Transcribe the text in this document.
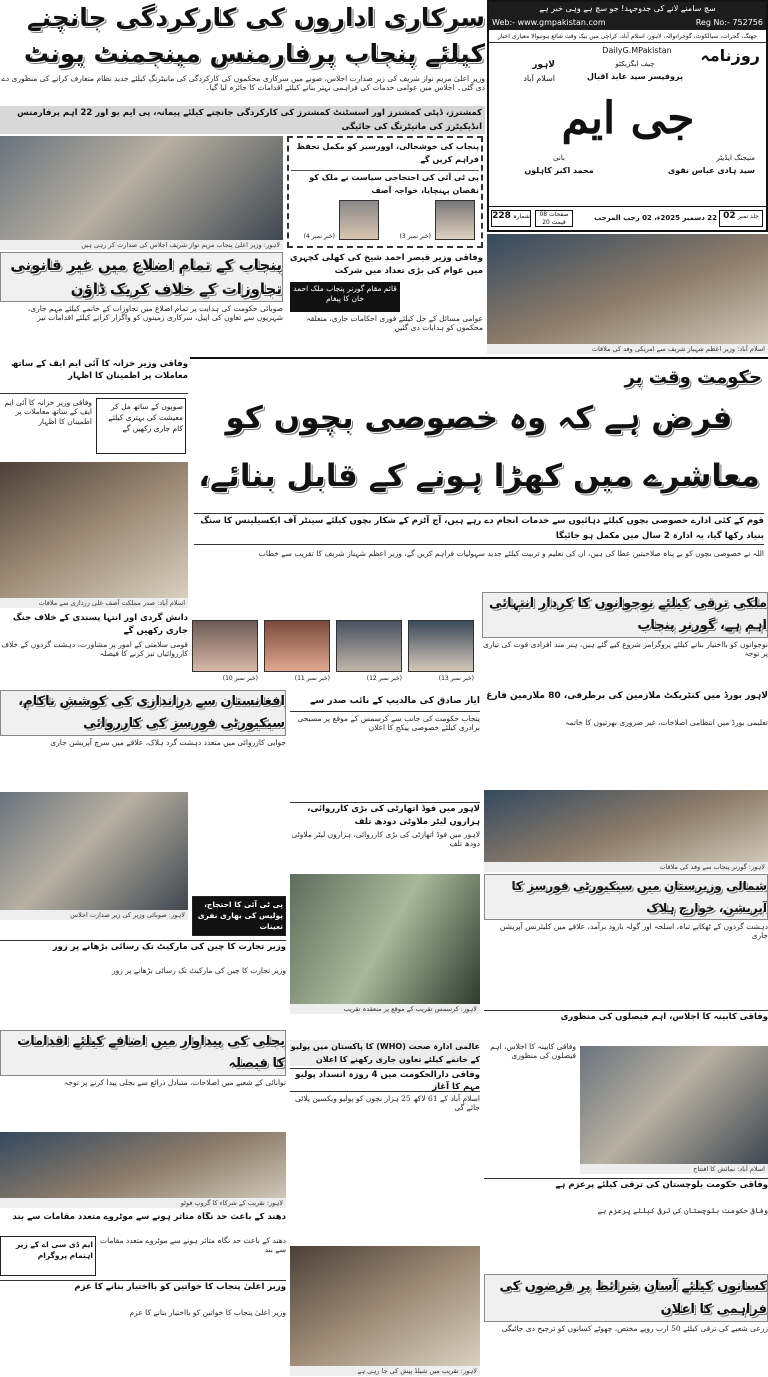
سچ سامنے لانے کی جدوجہد! جو سچ ہے وہی خبر ہے
Web:- www.gmpakistan.com	Reg No:- 752756
جھنگ، گجرات، سیالکوٹ، گوجرانوالہ، لاہور، اسلام آباد، کراچی میں بیک وقت شائع ہونیوالا معیاری اخبار
روزنامہ
DailyG.MPakistan
لاہور
اسلام آباد
چیف ایگزیکٹو
پروفیسر سید عابد اقبال
جی ایم
منیجنگ ایڈیٹر
سید ہادی عباس نقوی
بانی
محمد اکبر کاہلوں
شمارہ 228	صفحات 08
قیمت 20
22 دسمبر 2025ء، 02 رجب المرجب	02 جلد نمبر
سرکاری اداروں کی کارکردگی جانچنے کیلئے پنجاب پرفارمنس مینجمنٹ یونٹ
وزیر اعلیٰ مریم نواز شریف کی زیر صدارت اجلاس، صوبے میں سرکاری محکموں کی کارکردگی کی مانیٹرنگ کیلئے جدید نظام متعارف کرانے کی منظوری دے دی گئی۔ اجلاس میں عوامی خدمات کی فراہمی بہتر بنانے کیلئے اقدامات کا جائزہ لیا گیا۔
کمشنرز، ڈپٹی کمشنرز اور اسسٹنٹ کمشنرز کی کارکردگی جانچنے کیلئے پیمانہ، پی ایم یو اور 22 اہم پرفارمنس انڈیکیٹرز کی مانیٹرنگ کی جائیگی
لاہور: وزیر اعلیٰ پنجاب مریم نواز شریف اجلاس کی صدارت کر رہی ہیں
پنجاب کی خوشحالی، اوورسیز کو مکمل تحفظ فراہم کریں گے
پی ٹی آئی کی احتجاجی سیاست نے ملک کو نقصان پہنچایا، خواجہ آصف
(خبر نمبر 4)	(خبر نمبر 3)
اسلام آباد: وزیر اعظم شہباز شریف سے امریکی وفد کی ملاقات
پنجاب کے تمام اضلاع میں غیر قانونی تجاوزات کے خلاف کریک ڈاؤن
صوبائی حکومت کی ہدایت پر تمام اضلاع میں تجاوزات کے خاتمے کیلئے مہم جاری، شہریوں سے تعاون کی اپیل، سرکاری زمینوں کو واگزار کرانے کیلئے اقدامات تیز
وفاقی وزیر قیصر احمد شیخ کی کھلی کچہری میں عوام کی بڑی تعداد میں شرکت
قائم مقام گورنر پنجاب ملک احمد خان کا پیغام
عوامی مسائل کے حل کیلئے فوری احکامات جاری، متعلقہ محکموں کو ہدایات دی گئیں
حکومت وقت پر
فرض ہے کہ وہ خصوصی بچوں کو معاشرے میں کھڑا ہونے کے قابل بنائے،
قوم کے کئی ادارے خصوصی بچوں کیلئے دہائیوں سے خدمات انجام دے رہے ہیں، آج آٹزم کے شکار بچوں کیلئے سینٹر آف ایکسیلینس کا سنگ بنیاد رکھا گیا، یہ ادارہ 2 سال میں مکمل ہو جائیگا
اللہ نے خصوصی بچوں کو بے پناہ صلاحیتیں عطا کی ہیں، ان کی تعلیم و تربیت کیلئے جدید سہولیات فراہم کریں گے، وزیر اعظم شہباز شریف کا تقریب سے خطاب
وفاقی وزیر خزانہ کا آئی ایم ایف کے ساتھ معاملات پر اطمینان کا اظہار
صوبوں کے ساتھ مل کر معیشت کی بہتری کیلئے کام جاری رکھیں گے
وفاقی وزیر خزانہ کا آئی ایم ایف کے ساتھ معاملات پر اطمینان کا اظہار
اسلام آباد: صدر مملکت آصف علی زرداری سے ملاقات
دانش گردی اور انتہا پسندی کے خلاف جنگ جاری رکھیں گے
قومی سلامتی کے امور پر مشاورت، دہشت گردوں کے خلاف کارروائیاں تیز کرنے کا فیصلہ
(خبر نمبر 10)	(خبر نمبر 11)	(خبر نمبر 12)	(خبر نمبر 13)
ملکی ترقی کیلئے نوجوانوں کا کردار انتہائی اہم ہے، گورنر پنجاب
نوجوانوں کو بااختیار بنانے کیلئے پروگرامز شروع کیے گئے ہیں، ہنر مند افرادی قوت کی تیاری پر توجہ
افغانستان سے دراندازی کی کوشش ناکام، سیکیورٹی فورسز کی کارروائی
جوابی کارروائی میں متعدد دہشت گرد ہلاک، علاقے میں سرچ آپریشن جاری
لاہور: صوبائی وزیر کی زیر صدارت اجلاس
پی ٹی آئی کا احتجاج، پولیس کی بھاری نفری تعینات
وزیر تجارت کا چین کی مارکیٹ تک رسائی بڑھانے پر زور
وزیر تجارت کا چین کی مارکیٹ تک رسائی بڑھانے پر زور
ایاز صادق کی مالدیپ کے نائب صدر سے
پنجاب حکومت کی جانب سے کرسمس کے موقع پر مسیحی برادری کیلئے خصوصی پیکج کا اعلان
لاہور میں فوڈ اتھارٹی کی بڑی کارروائی، ہزاروں لیٹر ملاوٹی دودھ تلف
لاہور میں فوڈ اتھارٹی کی بڑی کارروائی، ہزاروں لیٹر ملاوٹی دودھ تلف
لاہور: کرسمس تقریب کے موقع پر منعقدہ تقریب
عالمی ادارہ صحت (WHO) کا پاکستان میں پولیو کے خاتمے کیلئے تعاون جاری رکھنے کا اعلان
وفاقی دارالحکومت میں 4 روزہ انسداد پولیو مہم کا آغاز
اسلام آباد کے 61 لاکھ 25 ہزار بچوں کو پولیو ویکسین پلائی جائے گی
لاہور: تقریب میں شیلڈ پیش کی جا رہی ہے
لاہور بورڈ میں کنٹریکٹ ملازمین کی برطرفی، 80 ملازمین فارغ
تعلیمی بورڈ میں انتظامی اصلاحات، غیر ضروری بھرتیوں کا خاتمہ
لاہور: گورنر پنجاب سے وفد کی ملاقات
شمالی وزیرستان میں سیکیورٹی فورسز کا آپریشن، خوارج ہلاک
دہشت گردوں کے ٹھکانے تباہ، اسلحہ اور گولہ بارود برآمد، علاقے میں کلیئرنس آپریشن جاری
وفاقی کابینہ کا اجلاس، اہم فیصلوں کی منظوری
وفاقی کابینہ کا اجلاس، اہم فیصلوں کی منظوری
اسلام آباد: نمائش کا افتتاح
وفاقی حکومت بلوچستان کی ترقی کیلئے پرعزم ہے
وفاقی حکومت بلوچستان کی ترقی کیلئے پرعزم ہے
بجلی کی پیداوار میں اضافے کیلئے اقدامات کا فیصلہ
توانائی کے شعبے میں اصلاحات، متبادل ذرائع سے بجلی پیدا کرنے پر توجہ
لاہور: تقریب کے شرکاء کا گروپ فوٹو
دھند کے باعث حد نگاہ متاثر ہونے سے موٹروے متعدد مقامات سے بند
دھند کے باعث حد نگاہ متاثر ہونے سے موٹروے متعدد مقامات سے بند
ایم ڈی سی اے کے زیر اہتمام پروگرام
وزیر اعلیٰ پنجاب کا خواتین کو بااختیار بنانے کا عزم
وزیر اعلیٰ پنجاب کا خواتین کو بااختیار بنانے کا عزم
کسانوں کیلئے آسان شرائط پر قرضوں کی فراہمی کا اعلان
زرعی شعبے کی ترقی کیلئے 50 ارب روپے مختص، چھوٹے کسانوں کو ترجیح دی جائیگی
